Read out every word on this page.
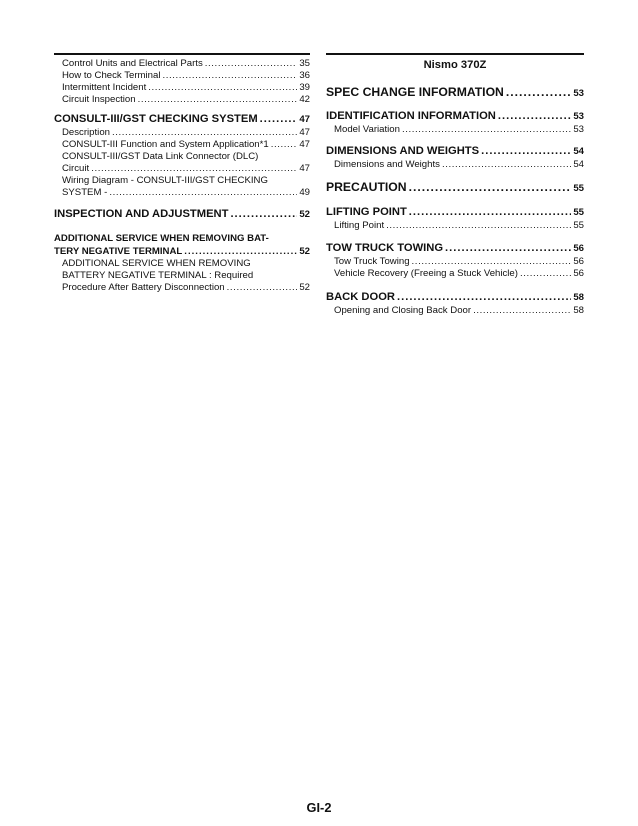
Control Units and Electrical Parts .....	35
How to Check Terminal .....	36
Intermittent Incident .....	39
Circuit Inspection .....	42
CONSULT-III/GST CHECKING SYSTEM .....	47
Description .....	47
CONSULT-III Function and System Application*1 .....	47
CONSULT-III/GST Data Link Connector (DLC)
Circuit .....	47
Wiring Diagram - CONSULT-III/GST CHECKING
SYSTEM - .....	49
INSPECTION AND ADJUSTMENT .....	52
ADDITIONAL SERVICE WHEN REMOVING BAT-
TERY NEGATIVE TERMINAL .....	52
ADDITIONAL SERVICE WHEN REMOVING
BATTERY NEGATIVE TERMINAL : Required
Procedure After Battery Disconnection .....	52
Nismo 370Z
SPEC CHANGE INFORMATION .....	53
IDENTIFICATION INFORMATION .....	53
Model Variation .....	53
DIMENSIONS AND WEIGHTS .....	54
Dimensions and Weights .....	54
PRECAUTION .....	55
LIFTING POINT .....	55
Lifting Point .....	55
TOW TRUCK TOWING .....	56
Tow Truck Towing .....	56
Vehicle Recovery (Freeing a Stuck Vehicle) .....	56
BACK DOOR .....	58
Opening and Closing Back Door .....	58
GI-2
